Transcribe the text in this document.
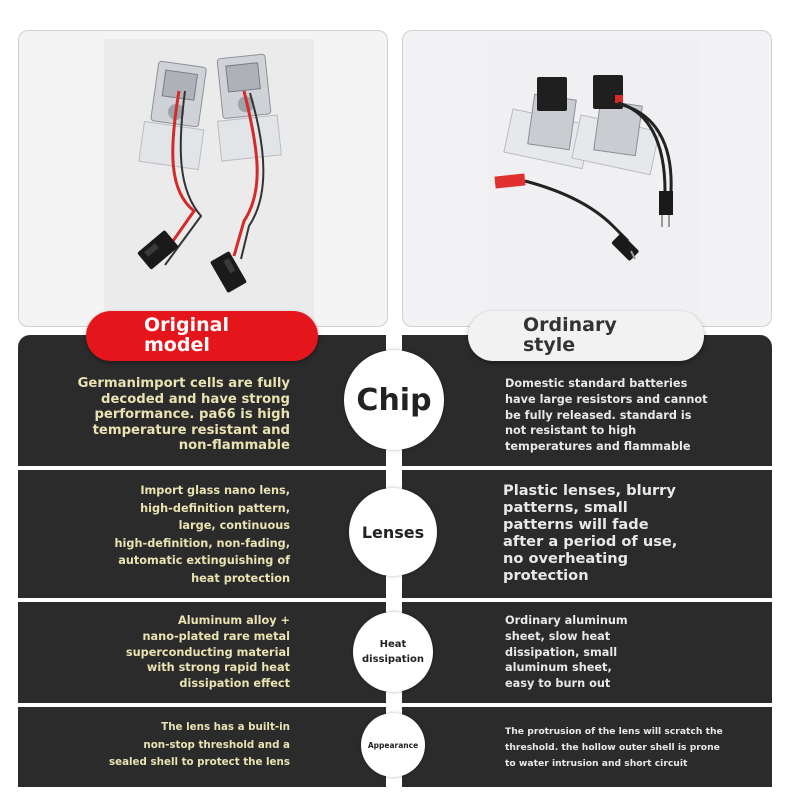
Germanimport cells are fully
decoded and have strong
performance. pa66 is high
temperature resistant and
non-flammable
Domestic standard batteries
have large resistors and cannot
be fully released. standard is
not resistant to high
temperatures and flammable
Import glass nano lens,
high-definition pattern,
large, continuous
high-definition, non-fading,
automatic extinguishing of
heat protection
Plastic lenses, blurry
patterns, small
patterns will fade
after a period of use,
no overheating
protection
Aluminum alloy +
nano-plated rare metal
superconducting material
with strong rapid heat
dissipation effect
Ordinary aluminum
sheet, slow heat
dissipation, small
aluminum sheet,
easy to burn out
The lens has a built-in
non-stop threshold and a
sealed shell to protect the lens
The protrusion of the lens will scratch the
threshold. the hollow outer shell is prone
to water intrusion and short circuit
Original
model
Ordinary
style
Chip
Lenses
Heat
dissipation
Appearance
